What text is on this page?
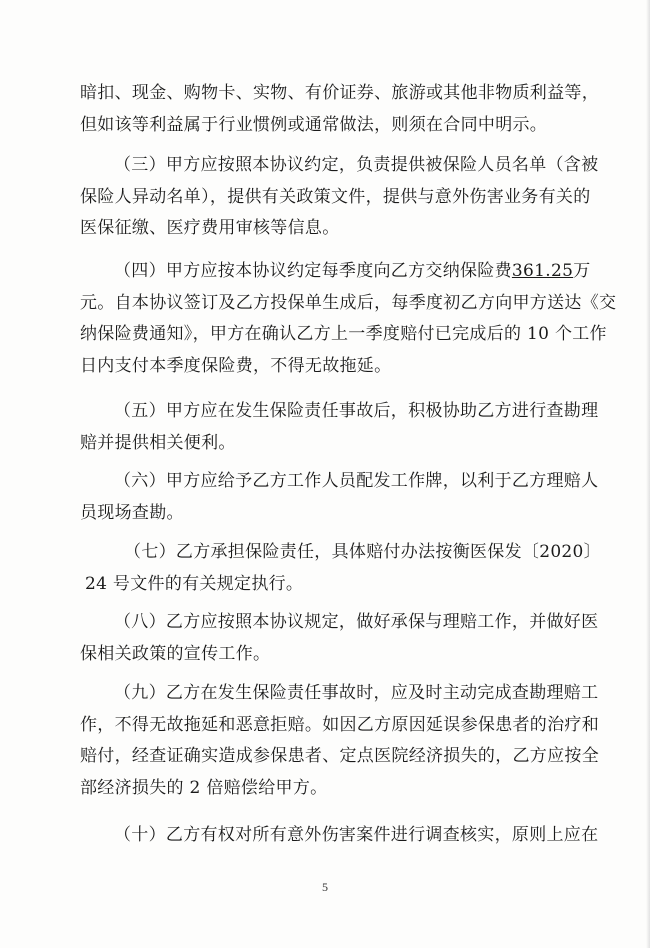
暗扣、现金、购物卡、实物、有价证券、旅游或其他非物质利益等，
但如该等利益属于行业惯例或通常做法，则须在合同中明示。
（三）甲方应按照本协议约定，负责提供被保险人员名单（含被
保险人异动名单），提供有关政策文件，提供与意外伤害业务有关的
医保征缴、医疗费用审核等信息。
（四）甲方应按本协议约定每季度向乙方交纳保险费361.25万
元。自本协议签订及乙方投保单生成后，每季度初乙方向甲方送达《交
纳保险费通知》，甲方在确认乙方上一季度赔付已完成后的 10 个工作
日内支付本季度保险费，不得无故拖延。
（五）甲方应在发生保险责任事故后，积极协助乙方进行查勘理
赔并提供相关便利。
（六）甲方应给予乙方工作人员配发工作牌，以利于乙方理赔人
员现场查勘。
（七）乙方承担保险责任，具体赔付办法按衡医保发〔2020〕
24 号文件的有关规定执行。
（八）乙方应按照本协议规定，做好承保与理赔工作，并做好医
保相关政策的宣传工作。
（九）乙方在发生保险责任事故时，应及时主动完成查勘理赔工
作，不得无故拖延和恶意拒赔。如因乙方原因延误参保患者的治疗和
赔付，经查证确实造成参保患者、定点医院经济损失的，乙方应按全
部经济损失的 2 倍赔偿给甲方。
（十）乙方有权对所有意外伤害案件进行调查核实，原则上应在
5
